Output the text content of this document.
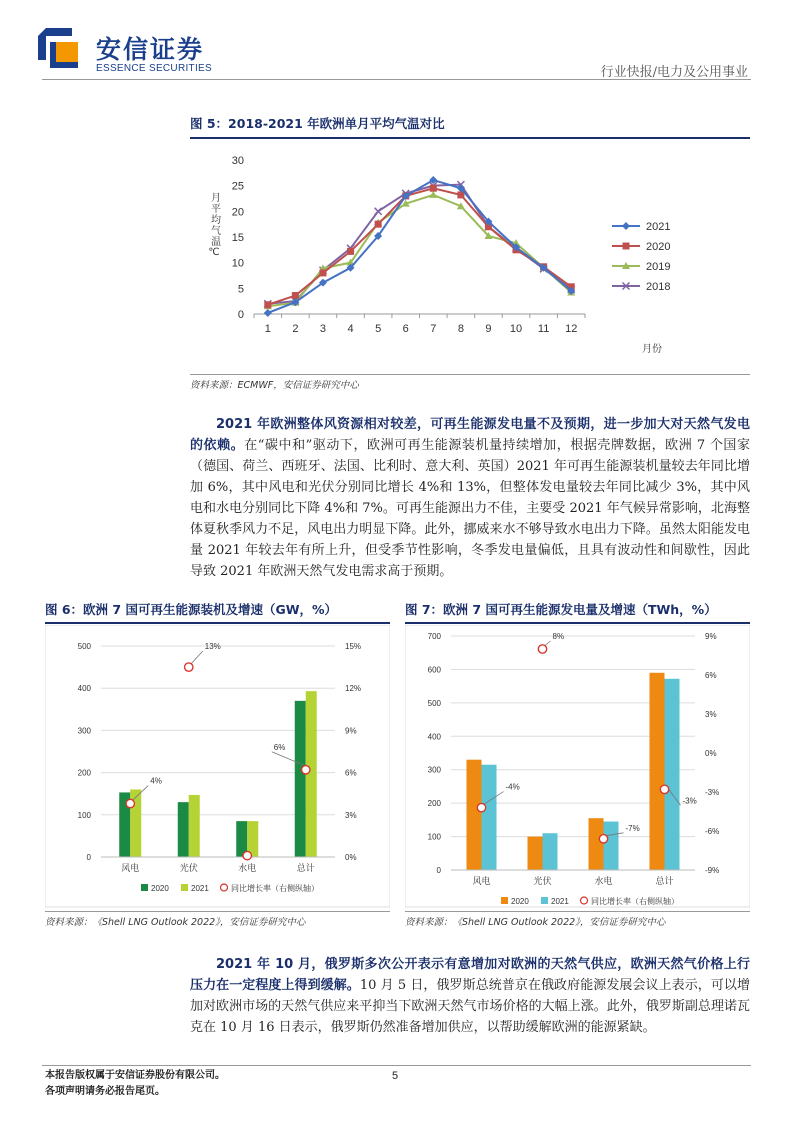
安信证券
ESSENCE SECURITIES	行业快报/电力及公用事业
图 5：2018-2021 年欧洲单月平均气温对比
0
5
10
15
20
25
30
1 2 3 4 5 6 7 8 9 10 11 12
月平均气温℃
月份
2021
2020
2019
2018
资料来源：ECMWF，安信证券研究中心
2021 年欧洲整体风资源相对较差，可再生能源发电量不及预期，进一步加大对天然气发电的依赖。在“碳中和”驱动下，欧洲可再生能源装机量持续增加，根据壳牌数据，欧洲 7 个国家（德国、荷兰、西班牙、法国、比利时、意大利、英国）2021 年可再生能源装机量较去年同比增加 6%，其中风电和光伏分别同比增长 4%和 13%，但整体发电量较去年同比减少 3%，其中风电和水电分别同比下降 4%和 7%。可再生能源出力不佳，主要受 2021 年气候异常影响，北海整体夏秋季风力不足，风电出力明显下降。此外，挪威来水不够导致水电出力下降。虽然太阳能发电量 2021 年较去年有所上升，但受季节性影响，冬季发电量偏低，且具有波动性和间歇性，因此导致 2021 年欧洲天然气发电需求高于预期。
图 6：欧洲 7 国可再生能源装机及增速（GW，%）
0
100
200
300
400
500
0%
3%
6%
9%
12%
15%
风电	光伏	水电	总计
4%
13%
6%
2020	2021	同比增长率（右侧纵轴）
资料来源：《Shell LNG Outlook 2022》，安信证券研究中心
图 7：欧洲 7 国可再生能源发电量及增速（TWh，%）
0
100
200
300
400
500
600
700
-9%
-6%
-3%
0%
3%
6%
9%
风电	光伏	水电	总计
-4%
8%
-7%
-3%
2020	2021	同比增长率（右侧纵轴）
资料来源：《Shell LNG Outlook 2022》，安信证券研究中心
2021 年 10 月，俄罗斯多次公开表示有意增加对欧洲的天然气供应，欧洲天然气价格上行压力在一定程度上得到缓解。10 月 5 日，俄罗斯总统普京在俄政府能源发展会议上表示，可以增加对欧洲市场的天然气供应来平抑当下欧洲天然气市场价格的大幅上涨。此外，俄罗斯副总理诺瓦克在 10 月 16 日表示，俄罗斯仍然准备增加供应，以帮助缓解欧洲的能源紧缺。
本报告版权属于安信证券股份有限公司。
各项声明请务必报告尾页。
5
